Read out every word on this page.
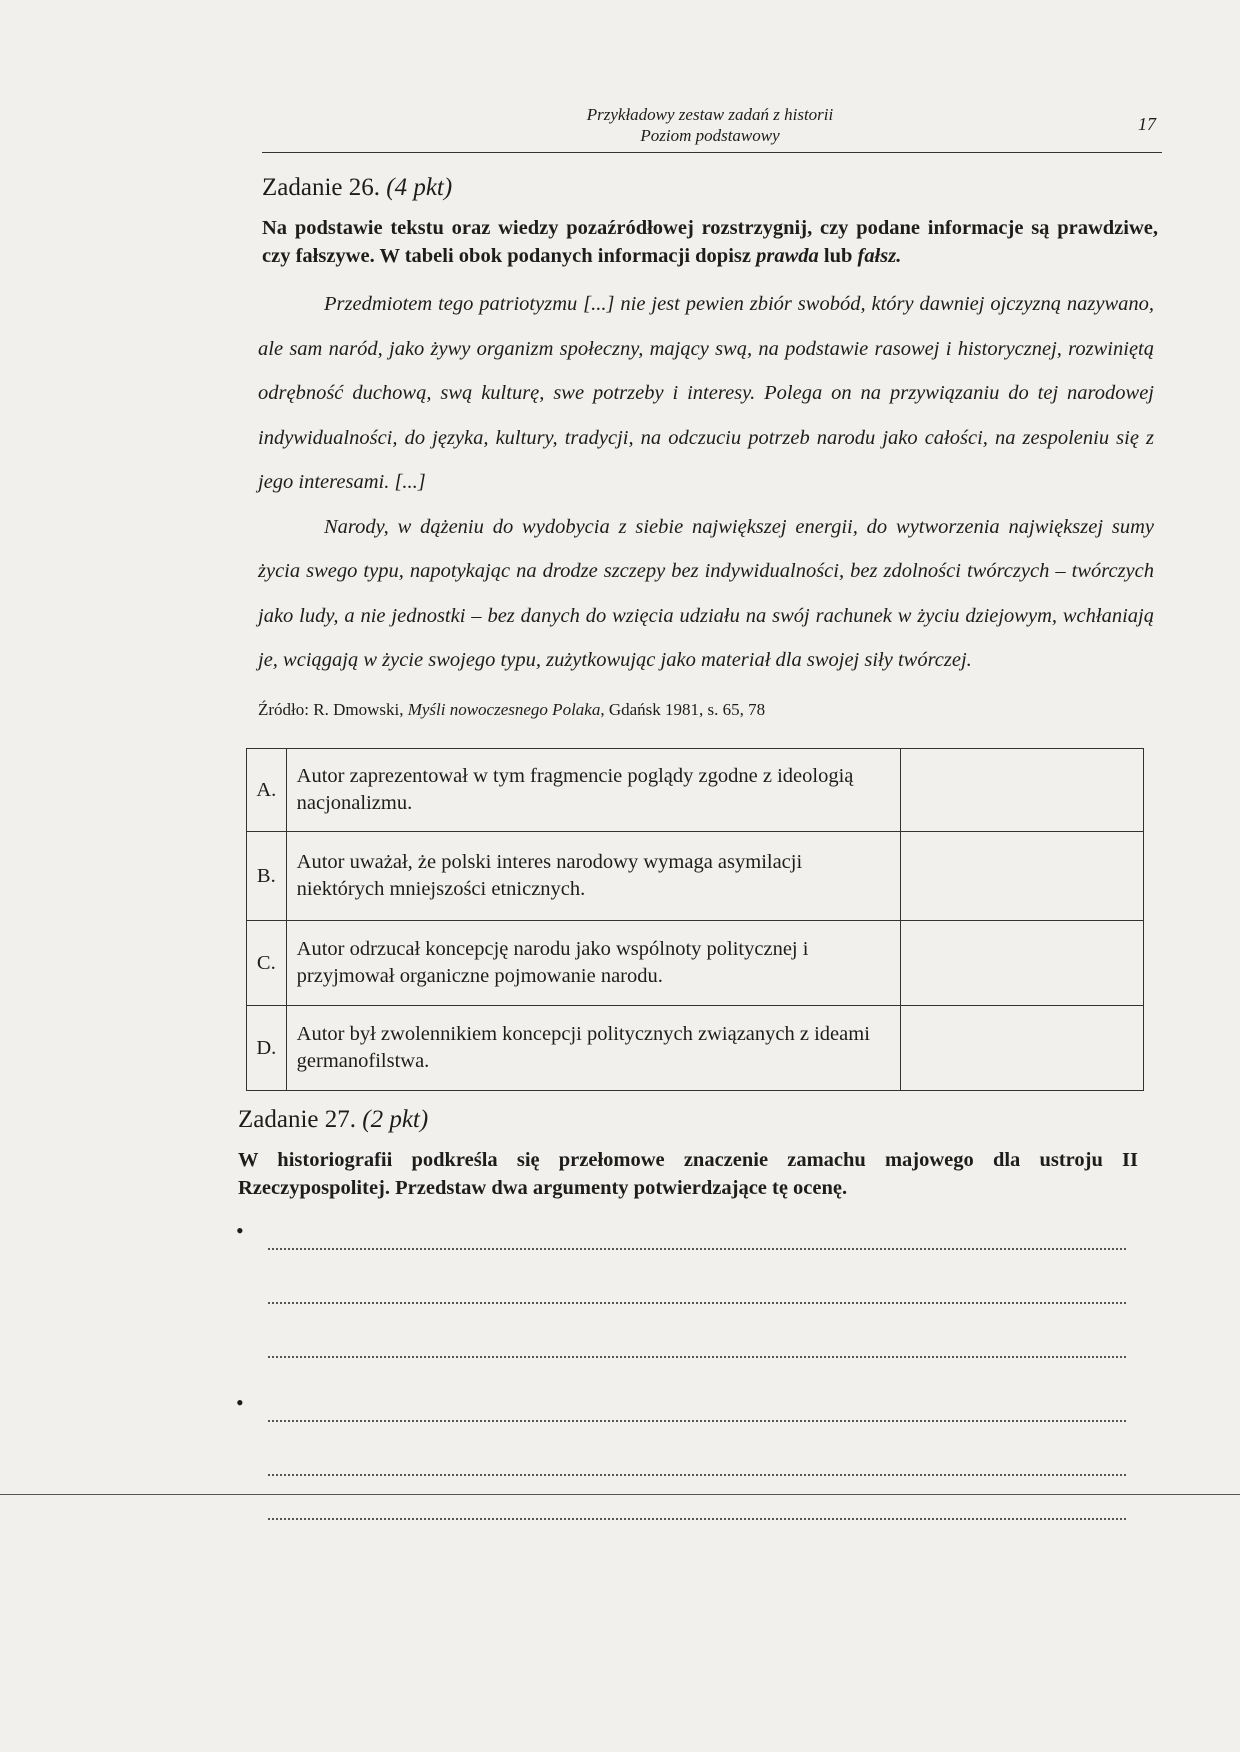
Przykładowy zestaw zadań z historii
Poziom podstawowy
17
Zadanie 26. (4 pkt)
Na podstawie tekstu oraz wiedzy pozaźródłowej rozstrzygnij, czy podane informacje są prawdziwe, czy fałszywe. W tabeli obok podanych informacji dopisz prawda lub fałsz.

Przedmiotem tego patriotyzmu [...] nie jest pewien zbiór swobód, który dawniej ojczyzną nazywano, ale sam naród, jako żywy organizm społeczny, mający swą, na podstawie rasowej i historycznej, rozwiniętą odrębność duchową, swą kulturę, swe potrzeby i interesy. Polega on na przywiązaniu do tej narodowej indywidualności, do języka, kultury, tradycji, na odczuciu potrzeb narodu jako całości, na zespoleniu się z jego interesami. [...]

Narody, w dążeniu do wydobycia z siebie największej energii, do wytworzenia największej sumy życia swego typu, napotykając na drodze szczepy bez indywidualności, bez zdolności twórczych – twórczych jako ludy, a nie jednostki – bez danych do wzięcia udziału na swój rachunek w życiu dziejowym, wchłaniają je, wciągają w życie swojego typu, zużytkowując jako materiał dla swojej siły twórczej.

Źródło: R. Dmowski, Myśli nowoczesnego Polaka, Gdańsk 1981, s. 65, 78
A.	Autor zaprezentował w tym fragmencie poglądy zgodne z ideologią nacjonalizmu.	
B.	Autor uważał, że polski interes narodowy wymaga asymilacji niektórych mniejszości etnicznych.	
C.	Autor odrzucał koncepcję narodu jako wspólnoty politycznej i przyjmował organiczne pojmowanie narodu.	
D.	Autor był zwolennikiem koncepcji politycznych związanych z ideami germanofilstwa.	
Zadanie 27. (2 pkt)
W historiografii podkreśla się przełomowe znaczenie zamachu majowego dla ustroju II Rzeczypospolitej. Przedstaw dwa argumenty potwierdzające tę ocenę.
•
•
